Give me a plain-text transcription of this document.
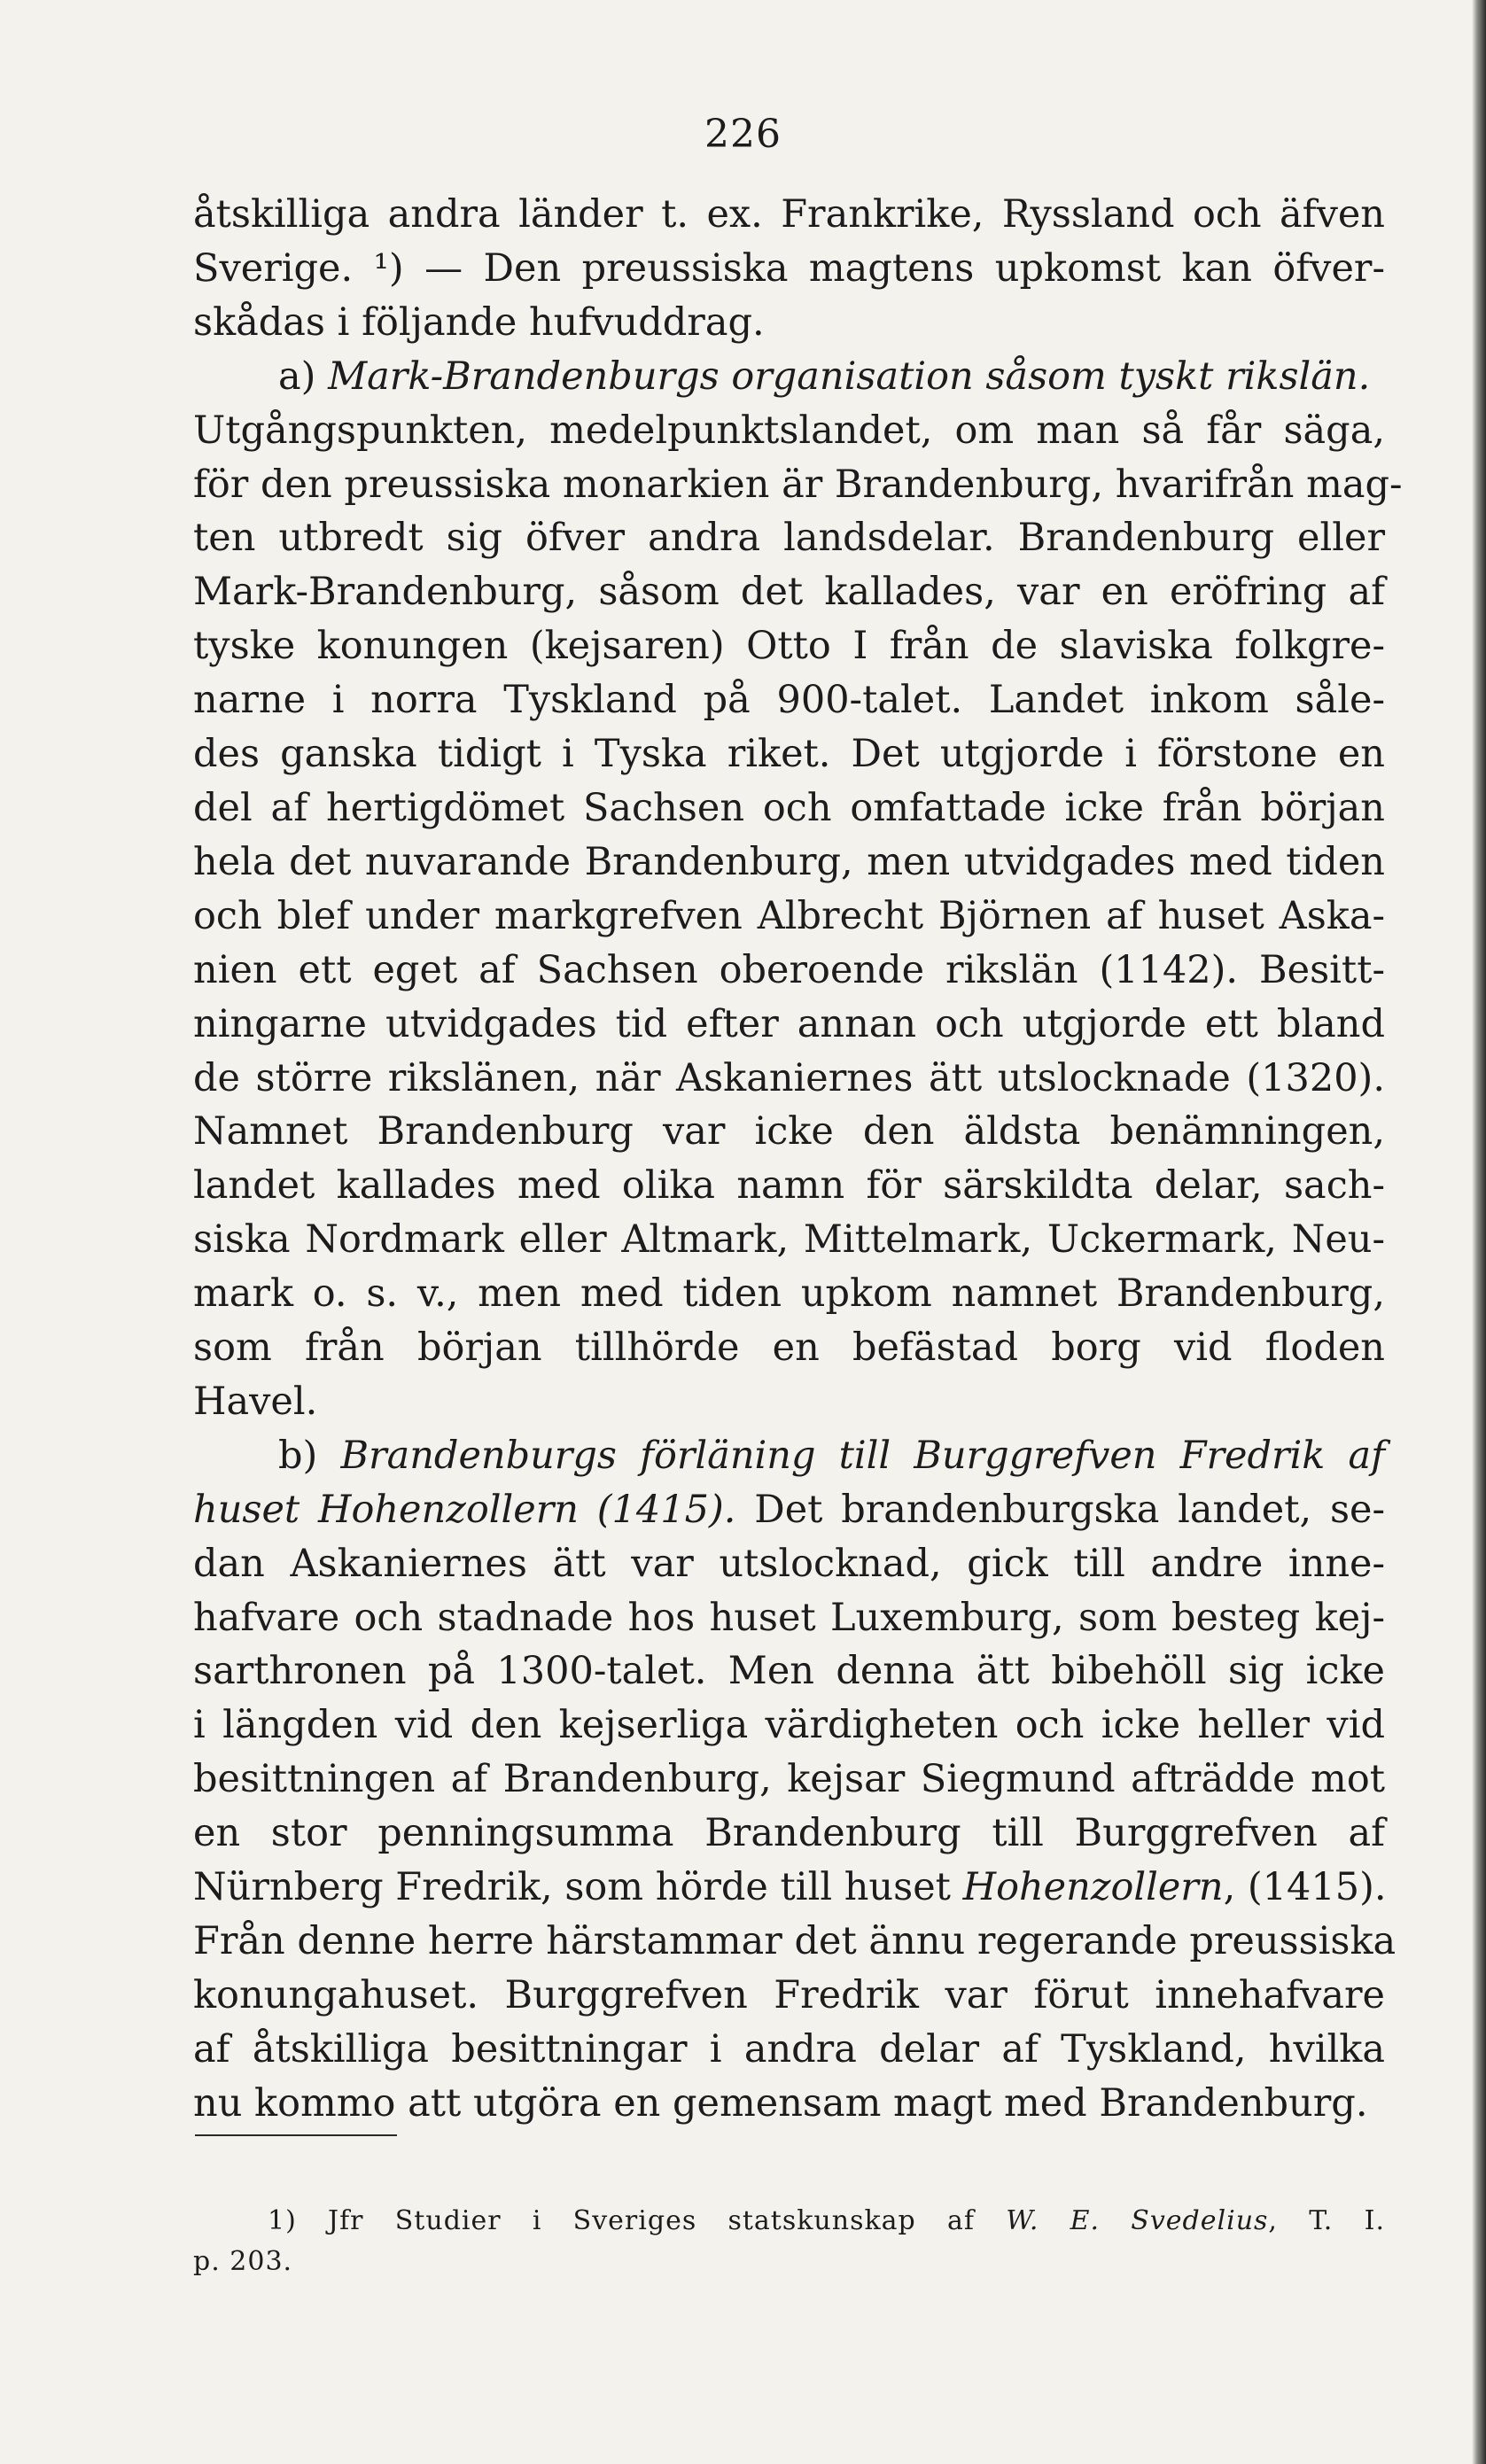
226
åtskilliga andra länder t. ex. Frankrike, Ryssland och äfven
Sverige. ¹) — Den preussiska magtens upkomst kan öfver-
skådas i följande hufvuddrag.
a) Mark-Brandenburgs organisation såsom tyskt rikslän.
Utgångspunkten, medelpunktslandet, om man så får säga,
för den preussiska monarkien är Brandenburg, hvarifrån mag-
ten utbredt sig öfver andra landsdelar. Brandenburg eller
Mark-Brandenburg, såsom det kallades, var en eröfring af
tyske konungen (kejsaren) Otto I från de slaviska folkgre-
narne i norra Tyskland på 900-talet. Landet inkom såle-
des ganska tidigt i Tyska riket. Det utgjorde i förstone en
del af hertigdömet Sachsen och omfattade icke från början
hela det nuvarande Brandenburg, men utvidgades med tiden
och blef under markgrefven Albrecht Björnen af huset Aska-
nien ett eget af Sachsen oberoende rikslän (1142). Besitt-
ningarne utvidgades tid efter annan och utgjorde ett bland
de större rikslänen, när Askaniernes ätt utslocknade (1320).
Namnet Brandenburg var icke den äldsta benämningen,
landet kallades med olika namn för särskildta delar, sach-
siska Nordmark eller Altmark, Mittelmark, Uckermark, Neu-
mark o. s. v., men med tiden upkom namnet Brandenburg,
som från början tillhörde en befästad borg vid floden
Havel.
b) Brandenburgs förläning till Burggrefven Fredrik af
huset Hohenzollern (1415). Det brandenburgska landet, se-
dan Askaniernes ätt var utslocknad, gick till andre inne-
hafvare och stadnade hos huset Luxemburg, som besteg kej-
sarthronen på 1300-talet. Men denna ätt bibehöll sig icke
i längden vid den kejserliga värdigheten och icke heller vid
besittningen af Brandenburg, kejsar Siegmund afträdde mot
en stor penningsumma Brandenburg till Burggrefven af
Nürnberg Fredrik, som hörde till huset Hohenzollern, (1415).
Från denne herre härstammar det ännu regerande preussiska
konungahuset. Burggrefven Fredrik var förut innehafvare
af åtskilliga besittningar i andra delar af Tyskland, hvilka
nu kommo att utgöra en gemensam magt med Brandenburg.
1) Jfr Studier i Sveriges statskunskap af W. E. Svedelius, T. I.
p. 203.
